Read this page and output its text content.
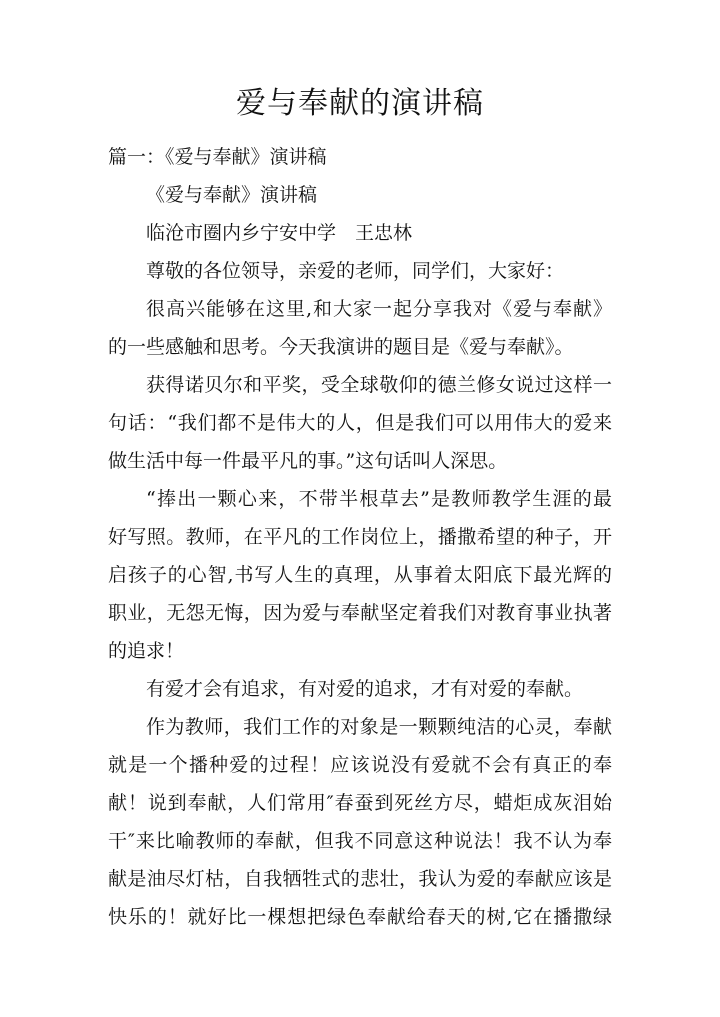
爱与奉献的演讲稿
篇一：《爱与奉献》演讲稿
《爱与奉献》演讲稿
临沧市圈内乡宁安中学　王忠林
尊敬的各位领导，亲爱的老师，同学们，大家好：
很高兴能够在这里,和大家一起分享我对《爱与奉献》
的一些感触和思考。今天我演讲的题目是《爱与奉献》。
获得诺贝尔和平奖，受全球敬仰的德兰修女说过这样一
句话：“我们都不是伟大的人，但是我们可以用伟大的爱来
做生活中每一件最平凡的事。”这句话叫人深思。
“捧出一颗心来，不带半根草去”是教师教学生涯的最
好写照。教师，在平凡的工作岗位上，播撒希望的种子，开
启孩子的心智,书写人生的真理，从事着太阳底下最光辉的
职业，无怨无悔，因为爱与奉献坚定着我们对教育事业执著
的追求！
有爱才会有追求，有对爱的追求，才有对爱的奉献。
作为教师，我们工作的对象是一颗颗纯洁的心灵，奉献
就是一个播种爱的过程！应该说没有爱就不会有真正的奉
献！说到奉献，人们常用″春蚕到死丝方尽，蜡炬成灰泪始
干″来比喻教师的奉献，但我不同意这种说法！我不认为奉
献是油尽灯枯，自我牺牲式的悲壮，我认为爱的奉献应该是
快乐的！就好比一棵想把绿色奉献给春天的树,它在播撒绿
